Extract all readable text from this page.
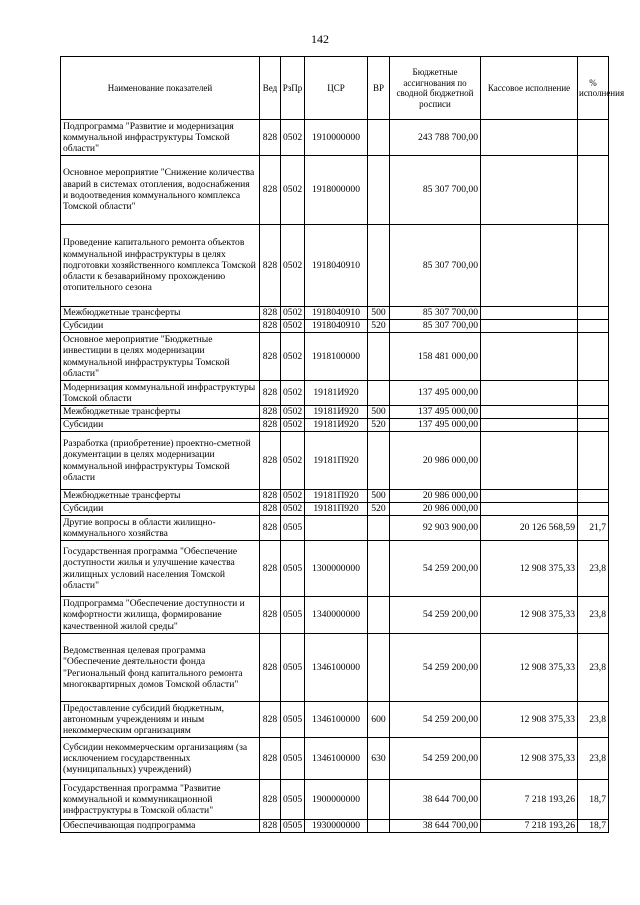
142
Наименование показателей	Вед	РзПр	ЦСР	ВР	Бюджетные ассигнования по сводной бюджетной росписи	Кассовое исполнение	% исполнения
Подпрограмма "Развитие и модернизация коммунальной инфраструктуры Томской области"	828	0502	1910000000		243 788 700,00		
Основное мероприятие "Снижение количества аварий в системах отопления, водоснабжения и водоотведения коммунального комплекса Томской области"	828	0502	1918000000		85 307 700,00		
Проведение капитального ремонта объектов коммунальной инфраструктуры в целях подготовки хозяйственного комплекса Томской области к безаварийному прохождению отопительного сезона	828	0502	1918040910		85 307 700,00		
Межбюджетные трансферты	828	0502	1918040910	500	85 307 700,00		
Субсидии	828	0502	1918040910	520	85 307 700,00		
Основное мероприятие "Бюджетные инвестиции в целях модернизации коммунальной инфраструктуры Томской области"	828	0502	1918100000		158 481 000,00		
Модернизация коммунальной инфраструктуры Томской области	828	0502	19181И920		137 495 000,00		
Межбюджетные трансферты	828	0502	19181И920	500	137 495 000,00		
Субсидии	828	0502	19181И920	520	137 495 000,00		
Разработка (приобретение) проектно-сметной документации в целях модернизации коммунальной инфраструктуры Томской области	828	0502	19181П920		20 986 000,00		
Межбюджетные трансферты	828	0502	19181П920	500	20 986 000,00		
Субсидии	828	0502	19181П920	520	20 986 000,00		
Другие вопросы в области жилищно-коммунального хозяйства	828	0505			92 903 900,00	20 126 568,59	21,7
Государственная программа "Обеспечение доступности жилья и улучшение качества жилищных условий населения Томской области"	828	0505	1300000000		54 259 200,00	12 908 375,33	23,8
Подпрограмма "Обеспечение доступности и комфортности жилища, формирование качественной жилой среды"	828	0505	1340000000		54 259 200,00	12 908 375,33	23,8
Ведомственная целевая программа "Обеспечение деятельности фонда "Региональный фонд капитального ремонта многоквартирных домов Томской области"	828	0505	1346100000		54 259 200,00	12 908 375,33	23,8
Предоставление субсидий бюджетным, автономным учреждениям и иным некоммерческим организациям	828	0505	1346100000	600	54 259 200,00	12 908 375,33	23,8
Субсидии некоммерческим организациям (за исключением государственных (муниципальных) учреждений)	828	0505	1346100000	630	54 259 200,00	12 908 375,33	23,8
Государственная программа "Развитие коммунальной и коммуникационной инфраструктуры в Томской области"	828	0505	1900000000		38 644 700,00	7 218 193,26	18,7
Обеспечивающая подпрограмма	828	0505	1930000000		38 644 700,00	7 218 193,26	18,7
